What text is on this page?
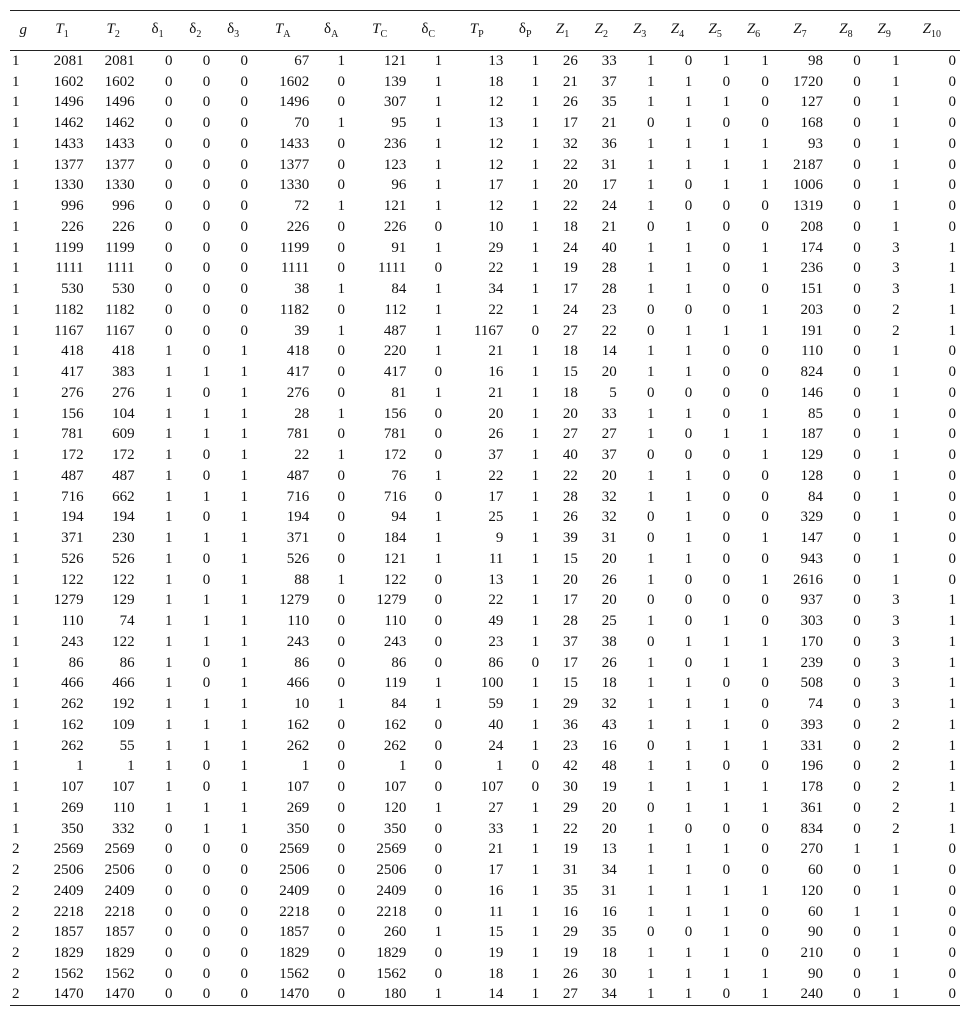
g	$T_1$	$T_2$	$\delta_1$	$\delta_2$	$\delta_3$	$T_A$	$\delta_A$	$T_C$	$\delta_C$	$T_P$	$\delta_P$	$Z_1$	$Z_2$	$Z_3$	$Z_4$	$Z_5$	$Z_6$	$Z_7$	$Z_8$	$Z_9$	$Z_{10}$
1	2081	2081	0	0	0	67	1	121	1	13	1	26	33	1	0	1	1	98	0	1	0
1	1602	1602	0	0	0	1602	0	139	1	18	1	21	37	1	1	0	0	1720	0	1	0
1	1496	1496	0	0	0	1496	0	307	1	12	1	26	35	1	1	1	0	127	0	1	0
1	1462	1462	0	0	0	70	1	95	1	13	1	17	21	0	1	0	0	168	0	1	0
1	1433	1433	0	0	0	1433	0	236	1	12	1	32	36	1	1	1	1	93	0	1	0
1	1377	1377	0	0	0	1377	0	123	1	12	1	22	31	1	1	1	1	2187	0	1	0
1	1330	1330	0	0	0	1330	0	96	1	17	1	20	17	1	0	1	1	1006	0	1	0
1	996	996	0	0	0	72	1	121	1	12	1	22	24	1	0	0	0	1319	0	1	0
1	226	226	0	0	0	226	0	226	0	10	1	18	21	0	1	0	0	208	0	1	0
1	1199	1199	0	0	0	1199	0	91	1	29	1	24	40	1	1	0	1	174	0	3	1
1	1111	1111	0	0	0	1111	0	1111	0	22	1	19	28	1	1	0	1	236	0	3	1
1	530	530	0	0	0	38	1	84	1	34	1	17	28	1	1	0	0	151	0	3	1
1	1182	1182	0	0	0	1182	0	112	1	22	1	24	23	0	0	0	1	203	0	2	1
1	1167	1167	0	0	0	39	1	487	1	1167	0	27	22	0	1	1	1	191	0	2	1
1	418	418	1	0	1	418	0	220	1	21	1	18	14	1	1	0	0	110	0	1	0
1	417	383	1	1	1	417	0	417	0	16	1	15	20	1	1	0	0	824	0	1	0
1	276	276	1	0	1	276	0	81	1	21	1	18	5	0	0	0	0	146	0	1	0
1	156	104	1	1	1	28	1	156	0	20	1	20	33	1	1	0	1	85	0	1	0
1	781	609	1	1	1	781	0	781	0	26	1	27	27	1	0	1	1	187	0	1	0
1	172	172	1	0	1	22	1	172	0	37	1	40	37	0	0	0	1	129	0	1	0
1	487	487	1	0	1	487	0	76	1	22	1	22	20	1	1	0	0	128	0	1	0
1	716	662	1	1	1	716	0	716	0	17	1	28	32	1	1	0	0	84	0	1	0
1	194	194	1	0	1	194	0	94	1	25	1	26	32	0	1	0	0	329	0	1	0
1	371	230	1	1	1	371	0	184	1	9	1	39	31	0	1	0	1	147	0	1	0
1	526	526	1	0	1	526	0	121	1	11	1	15	20	1	1	0	0	943	0	1	0
1	122	122	1	0	1	88	1	122	0	13	1	20	26	1	0	0	1	2616	0	1	0
1	1279	129	1	1	1	1279	0	1279	0	22	1	17	20	0	0	0	0	937	0	3	1
1	110	74	1	1	1	110	0	110	0	49	1	28	25	1	0	1	0	303	0	3	1
1	243	122	1	1	1	243	0	243	0	23	1	37	38	0	1	1	1	170	0	3	1
1	86	86	1	0	1	86	0	86	0	86	0	17	26	1	0	1	1	239	0	3	1
1	466	466	1	0	1	466	0	119	1	100	1	15	18	1	1	0	0	508	0	3	1
1	262	192	1	1	1	10	1	84	1	59	1	29	32	1	1	1	0	74	0	3	1
1	162	109	1	1	1	162	0	162	0	40	1	36	43	1	1	1	0	393	0	2	1
1	262	55	1	1	1	262	0	262	0	24	1	23	16	0	1	1	1	331	0	2	1
1	1	1	1	0	1	1	0	1	0	1	0	42	48	1	1	0	0	196	0	2	1
1	107	107	1	0	1	107	0	107	0	107	0	30	19	1	1	1	1	178	0	2	1
1	269	110	1	1	1	269	0	120	1	27	1	29	20	0	1	1	1	361	0	2	1
1	350	332	0	1	1	350	0	350	0	33	1	22	20	1	0	0	0	834	0	2	1
2	2569	2569	0	0	0	2569	0	2569	0	21	1	19	13	1	1	1	0	270	1	1	0
2	2506	2506	0	0	0	2506	0	2506	0	17	1	31	34	1	1	0	0	60	0	1	0
2	2409	2409	0	0	0	2409	0	2409	0	16	1	35	31	1	1	1	1	120	0	1	0
2	2218	2218	0	0	0	2218	0	2218	0	11	1	16	16	1	1	1	0	60	1	1	0
2	1857	1857	0	0	0	1857	0	260	1	15	1	29	35	0	0	1	0	90	0	1	0
2	1829	1829	0	0	0	1829	0	1829	0	19	1	19	18	1	1	1	0	210	0	1	0
2	1562	1562	0	0	0	1562	0	1562	0	18	1	26	30	1	1	1	1	90	0	1	0
2	1470	1470	0	0	0	1470	0	180	1	14	1	27	34	1	1	0	1	240	0	1	0
